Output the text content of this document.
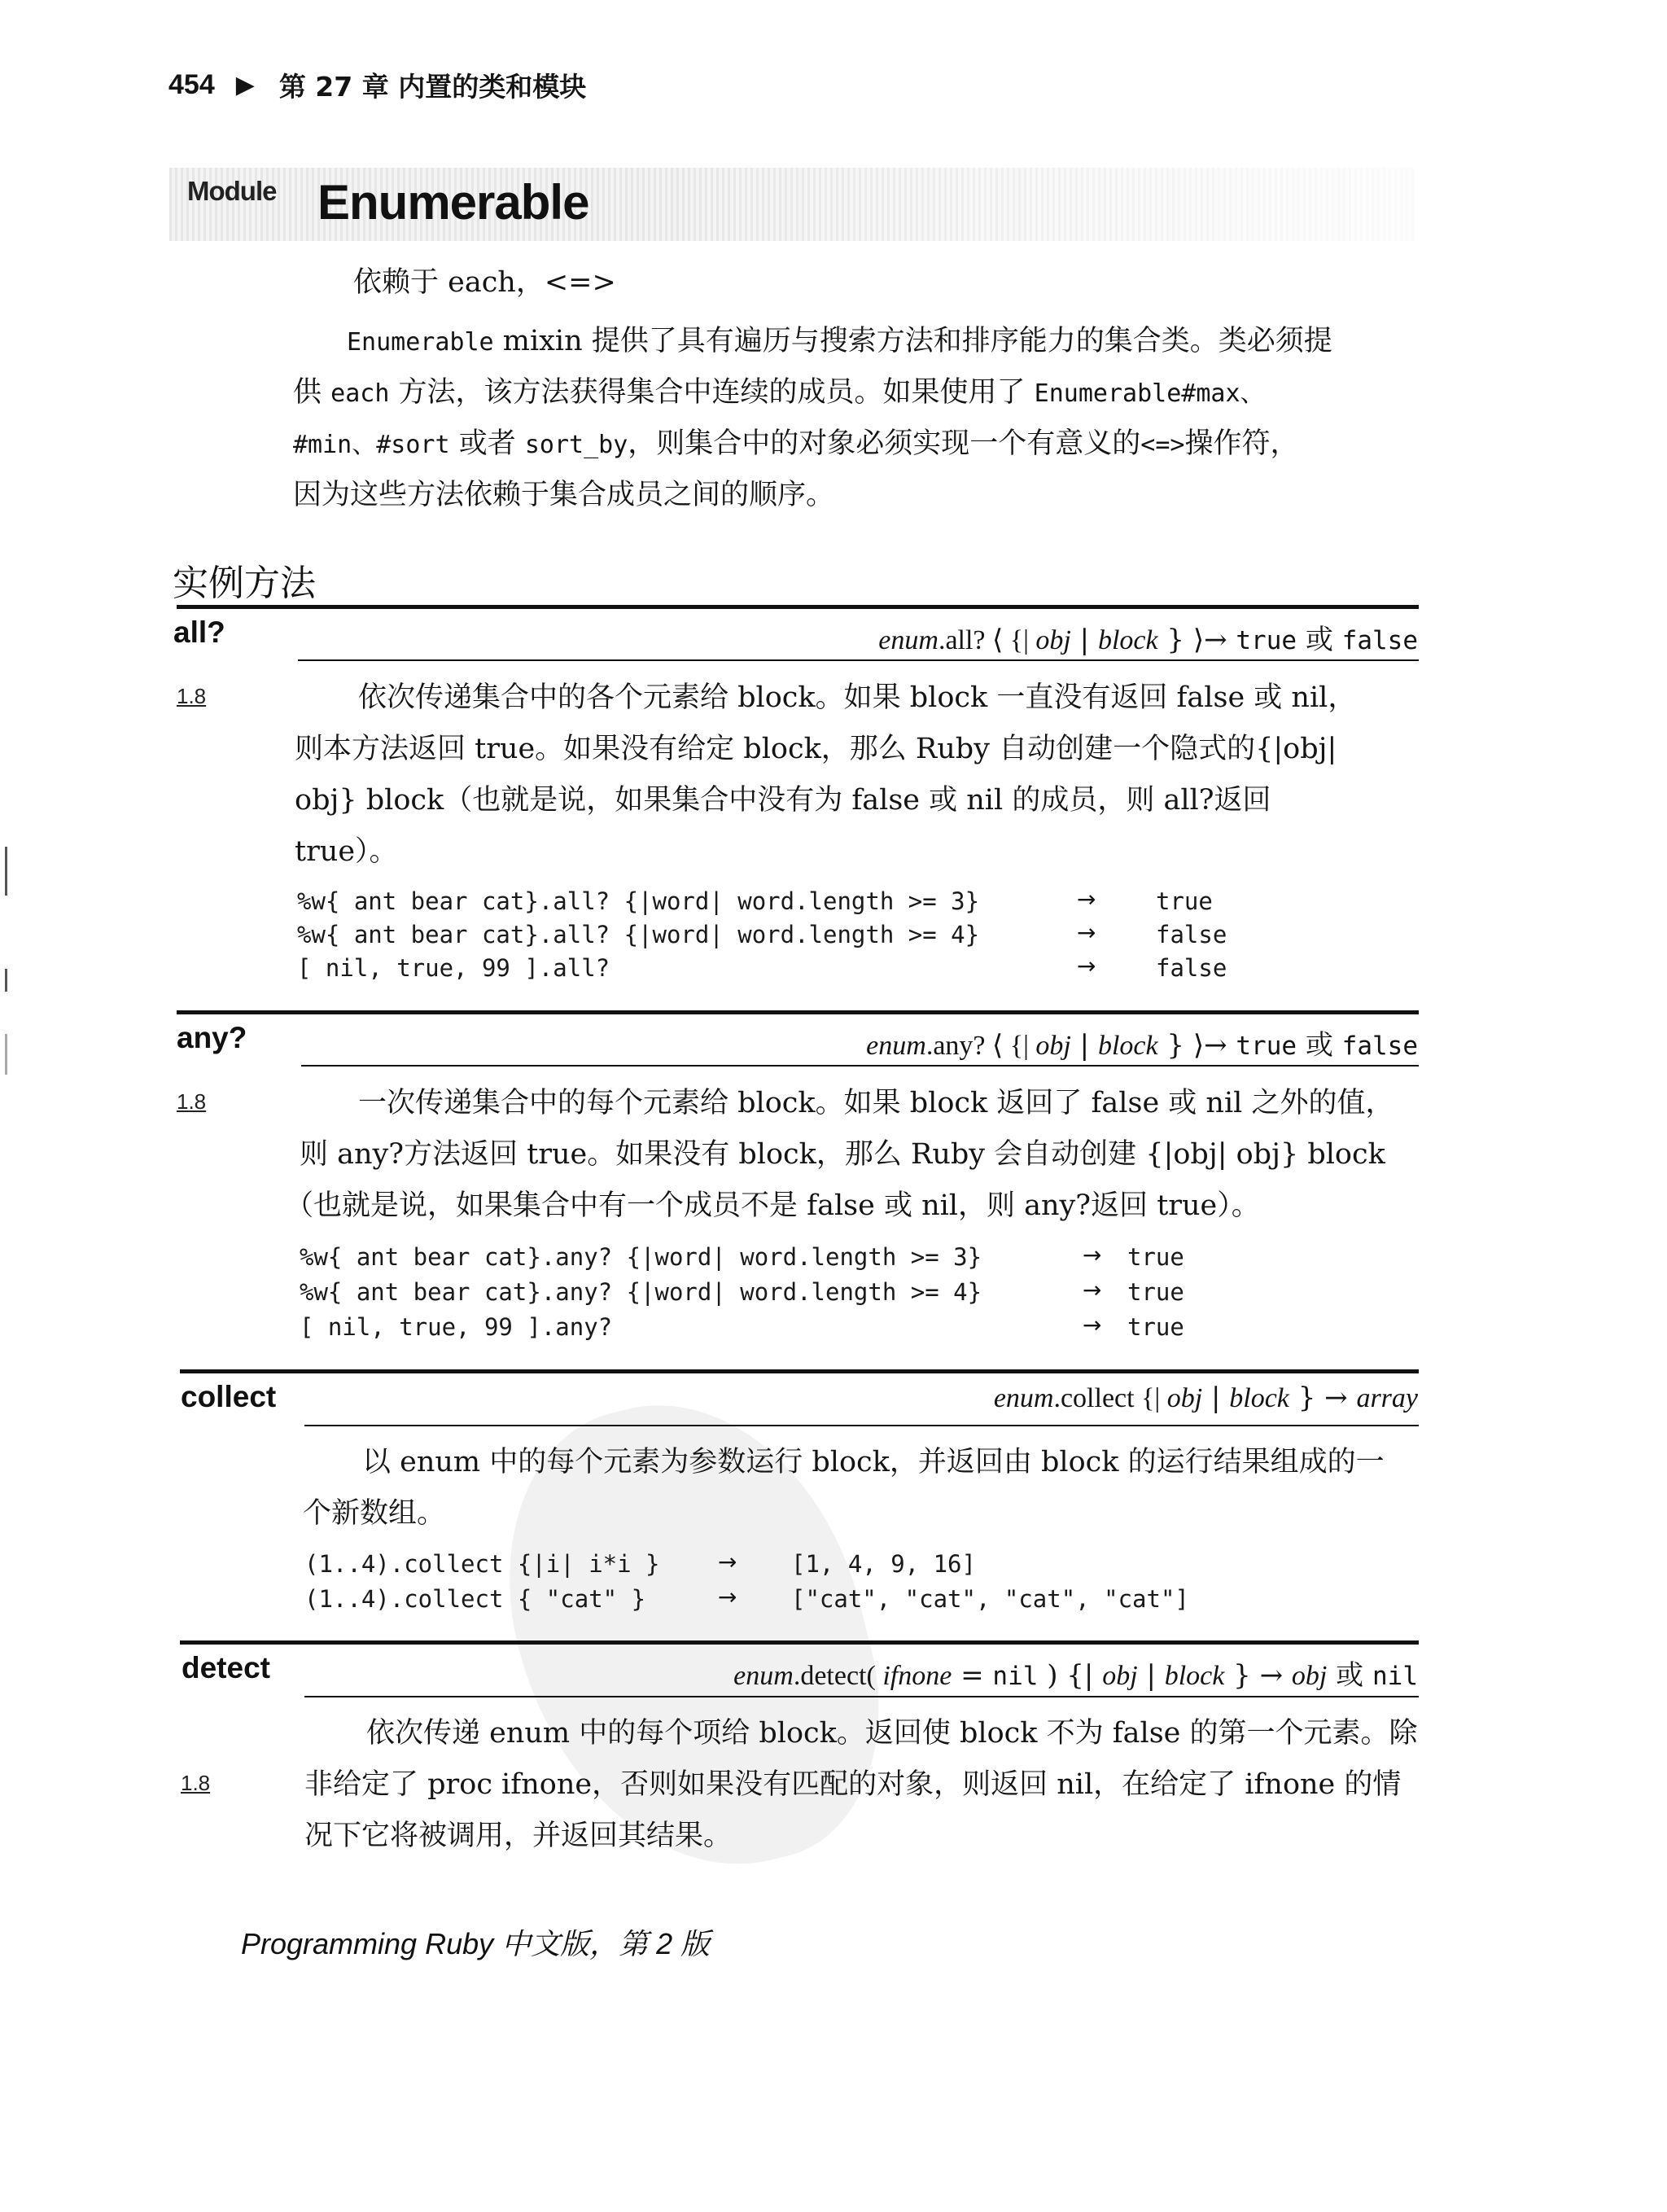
454 ▶ 第 27 章 内置的类和模块
Module Enumerable
依赖于 each，<=>
Enumerable mixin 提供了具有遍历与搜索方法和排序能力的集合类。类必须提
供 each 方法，该方法获得集合中连续的成员。如果使用了 Enumerable#max、
#min、#sort 或者 sort_by，则集合中的对象必须实现一个有意义的<=>操作符，
因为这些方法依赖于集合成员之间的顺序。
实例方法
all?	enum.all? ⟨ {| obj | block } ⟩→ true 或 false
1.8	依次传递集合中的各个元素给 block。如果 block 一直没有返回 false 或 nil，
则本方法返回 true。如果没有给定 block，那么 Ruby 自动创建一个隐式的{|obj|
obj} block（也就是说，如果集合中没有为 false 或 nil 的成员，则 all?返回
true）。
%w{ ant bear cat}.all? {|word| word.length >= 3}	→	true
%w{ ant bear cat}.all? {|word| word.length >= 4}	→	false
[ nil, true, 99 ].all?	→	false
any?	enum.any? ⟨ {| obj | block } ⟩→ true 或 false
1.8	一次传递集合中的每个元素给 block。如果 block 返回了 false 或 nil 之外的值，
则 any?方法返回 true。如果没有 block，那么 Ruby 会自动创建 {|obj| obj} block
（也就是说，如果集合中有一个成员不是 false 或 nil，则 any?返回 true）。
%w{ ant bear cat}.any? {|word| word.length >= 3}	→ true
%w{ ant bear cat}.any? {|word| word.length >= 4}	→ true
[ nil, true, 99 ].any?	→ true
collect	enum.collect {| obj | block } → array
以 enum 中的每个元素为参数运行 block，并返回由 block 的运行结果组成的一
个新数组。
(1..4).collect {|i| i*i }	→ [1, 4, 9, 16]
(1..4).collect { "cat" }	→ ["cat", "cat", "cat", "cat"]
detect	enum.detect( ifnone = nil ) {| obj | block } → obj 或 nil
依次传递 enum 中的每个项给 block。返回使 block 不为 false 的第一个元素。除
1.8	非给定了 proc ifnone，否则如果没有匹配的对象，则返回 nil，在给定了 ifnone 的情
况下它将被调用，并返回其结果。
Programming Ruby 中文版，第 2 版
